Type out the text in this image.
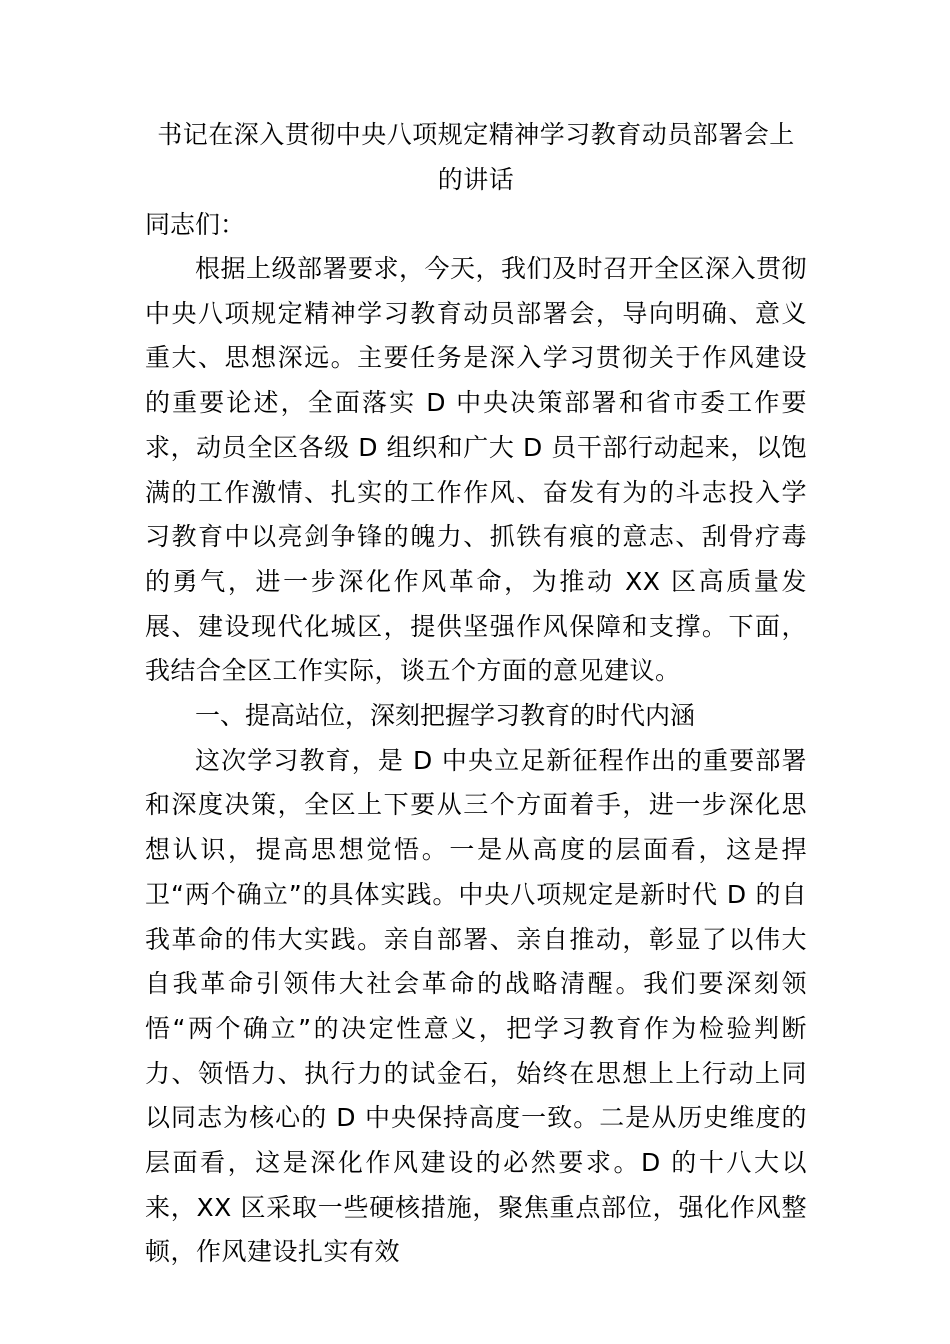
书记在深入贯彻中央八项规定精神学习教育动员部署会上
的讲话

同志们：

根据上级部署要求，今天，我们及时召开全区深入贯彻中央八项规定精神学习教育动员部署会，导向明确、意义重大、思想深远。主要任务是深入学习贯彻关于作风建设的重要论述，全面落实 D 中央决策部署和省市委工作要求，动员全区各级 D 组织和广大 D 员干部行动起来，以饱满的工作激情、扎实的工作作风、奋发有为的斗志投入学习教育中以亮剑争锋的魄力、抓铁有痕的意志、刮骨疗毒的勇气，进一步深化作风革命，为推动 XX 区高质量发展、建设现代化城区，提供坚强作风保障和支撑。下面，我结合全区工作实际，谈五个方面的意见建议。

一、提高站位，深刻把握学习教育的时代内涵

这次学习教育，是 D 中央立足新征程作出的重要部署和深度决策，全区上下要从三个方面着手，进一步深化思想认识，提高思想觉悟。一是从高度的层面看，这是捍卫“两个确立”的具体实践。中央八项规定是新时代 D 的自我革命的伟大实践。亲自部署、亲自推动，彰显了以伟大自我革命引领伟大社会革命的战略清醒。我们要深刻领悟“两个确立”的决定性意义，把学习教育作为检验判断力、领悟力、执行力的试金石，始终在思想上上行动上同以同志为核心的 D 中央保持高度一致。二是从历史维度的层面看，这是深化作风建设的必然要求。D 的十八大以来，XX 区采取一些硬核措施，聚焦重点部位，强化作风整顿，作风建设扎实有效
